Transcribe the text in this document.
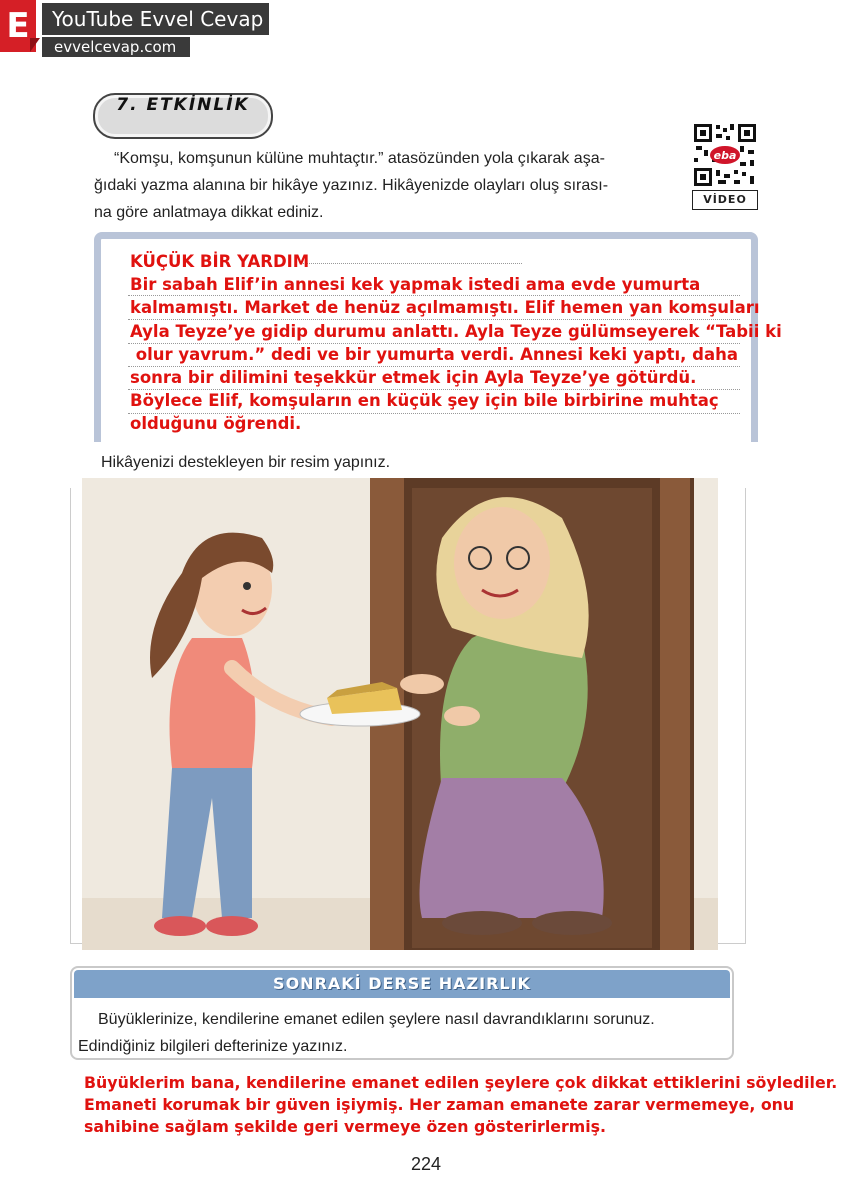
E	YouTube Evvel Cevap
evvelcevap.com
7. ETKİNLİK
eba
VİDEO
“Komşu, komşunun külüne muhtaçtır.” atasözünden yola çıkarak aşa-
ğıdaki yazma alanına bir hikâye yazınız. Hikâyenizde olayları oluş sırası-
na göre anlatmaya dikkat ediniz.
KÜÇÜK BİR YARDIM
Bir sabah Elif’in annesi kek yapmak istedi ama evde yumurta
kalmamıştı. Market de henüz açılmamıştı. Elif hemen yan komşuları
Ayla Teyze’ye gidip durumu anlattı. Ayla Teyze gülümseyerek “Tabii ki
olur yavrum.” dedi ve bir yumurta verdi. Annesi keki yaptı, daha
sonra bir dilimini teşekkür etmek için Ayla Teyze’ye götürdü.
Böylece Elif, komşuların en küçük şey için bile birbirine muhtaç
olduğunu öğrendi.
Hikâyenizi destekleyen bir resim yapınız.
SONRAKİ DERSE HAZIRLIK
Büyüklerinize, kendilerine emanet edilen şeylere nasıl davrandıklarını sorunuz.
Edindiğiniz bilgileri defterinize yazınız.
Büyüklerim bana, kendilerine emanet edilen şeylere çok dikkat ettiklerini söylediler.
Emaneti korumak bir güven işiymiş. Her zaman emanete zarar vermemeye, onu
sahibine sağlam şekilde geri vermeye özen gösterirlermiş.
224
